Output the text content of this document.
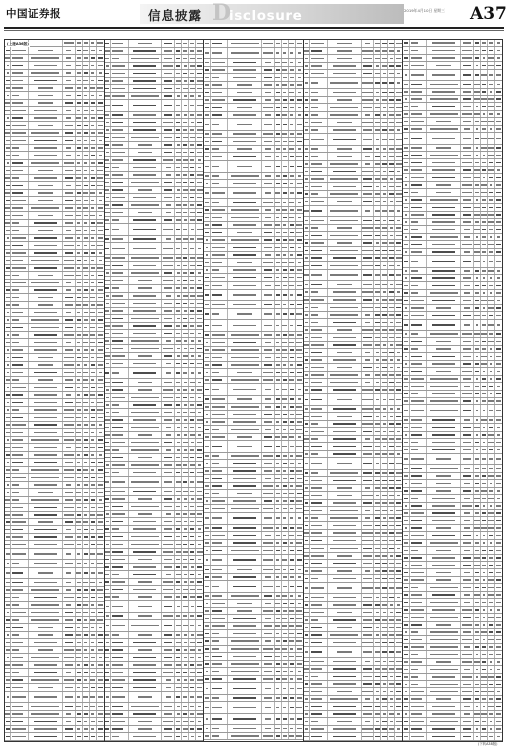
中国证券报	信息披露 D
isclosure	2019年4月10日 星期三 A37
(上接A36版)
(下转A38版)
